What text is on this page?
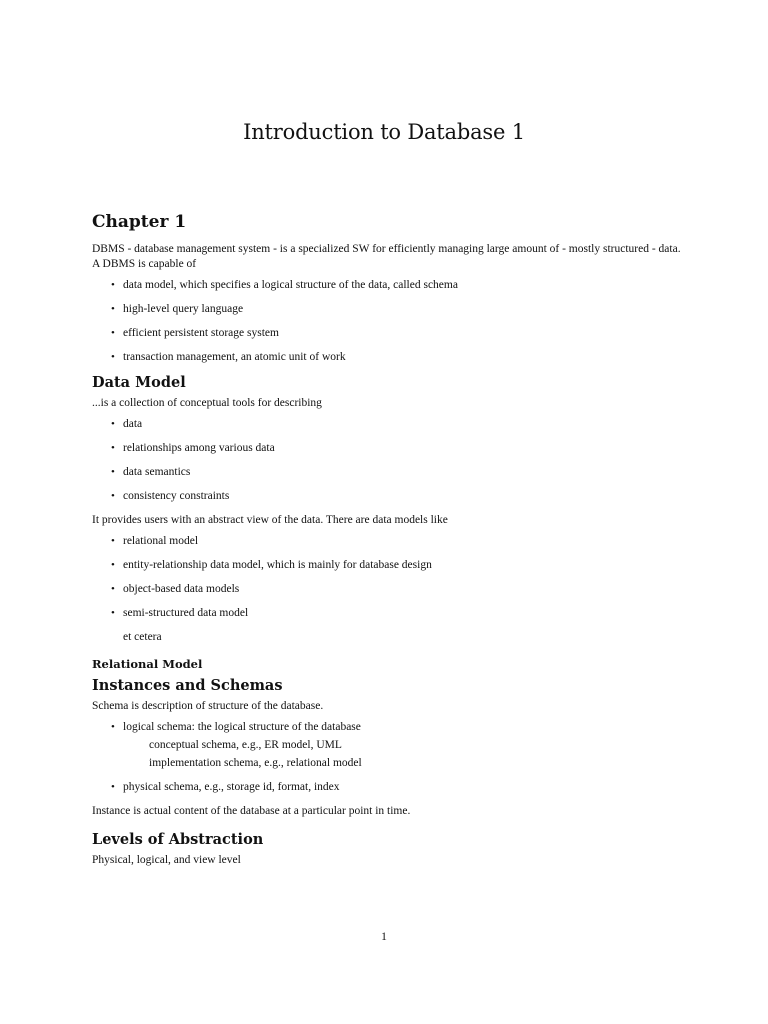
Introduction to Database 1
Chapter 1

DBMS - database management system - is a specialized SW for efficiently managing large amount of - mostly structured - data. A DBMS is capable of

• data model, which specifies a logical structure of the data, called schema
• high-level query language
• efficient persistent storage system
• transaction management, an atomic unit of work
Data Model

...is a collection of conceptual tools for describing

• data
• relationships among various data
• data semantics
• consistency constraints

It provides users with an abstract view of the data. There are data models like

• relational model
• entity-relationship data model, which is mainly for database design
• object-based data models
• semi-structured data model

et cetera

Relational Model
Instances and Schemas

Schema is description of structure of the database.

• logical schema: the logical structure of the database
conceptual schema, e.g., ER model, UML
implementation schema, e.g., relational model
• physical schema, e.g., storage id, format, index

Instance is actual content of the database at a particular point in time.

Levels of Abstraction

Physical, logical, and view level

1
